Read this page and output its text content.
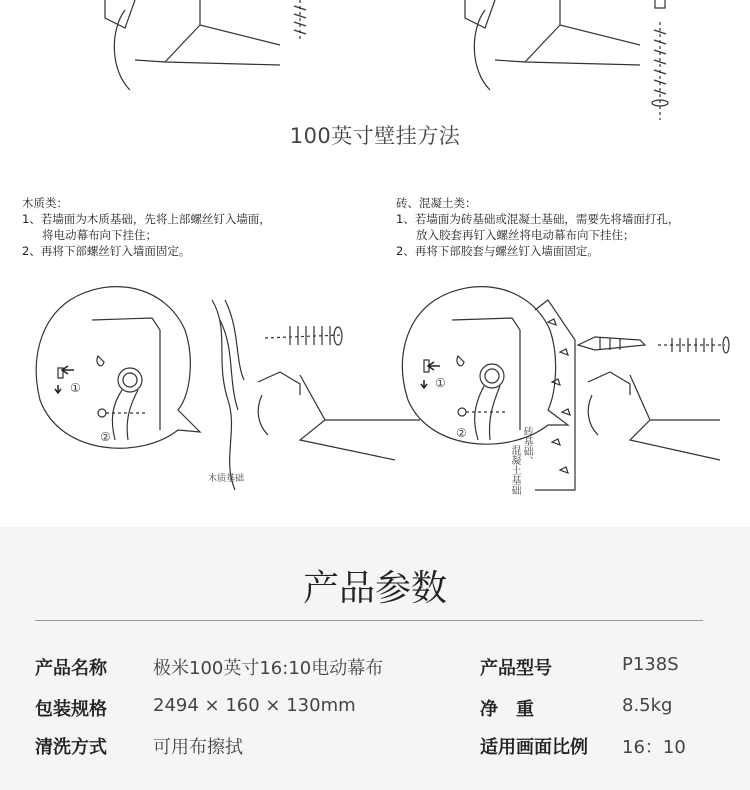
100英寸壁挂方法
木质类：
1、若墙面为木质基础，先将上部螺丝钉入墙面，
将电动幕布向下挂住；
2、再将下部螺丝钉入墙面固定。
砖、混凝土类：
1、若墙面为砖基础或混凝土基础，需要先将墙面打孔，
放入胶套再钉入螺丝将电动幕布向下挂住；
2、再将下部胶套与螺丝钉入墙面固定。
①
②
木质基础
①
②	砖基础、
混凝土基础
产品参数
产品名称	极米100英寸16:10电动幕布	产品型号	P138S
包装规格	2494 × 160 × 130mm	净　重	8.5kg
清洗方式	可用布擦拭	适用画面比例 16：10
